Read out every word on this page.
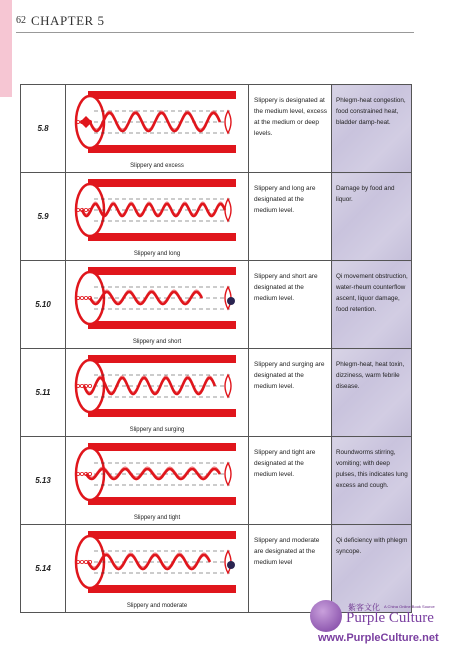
62 CHAPTER 5
5.8	Slippery and excess	Slippery is designated at the medium level, excess at the medium or deep levels.	Phlegm-heat congestion, food constrained heat, bladder damp-heat.
5.9	Slippery and long	Slippery and long are designated at the medium level.	Damage by food and liquor.
5.10	Slippery and short	Slippery and short are designated at the medium level.	Qi movement obstruction, water-rheum counterflow ascent, liquor damage, food retention.
5.11	Slippery and surging	Slippery and surging are designated at the medium level.	Phlegm-heat, heat toxin, dizziness, warm febrile disease.
5.13	Slippery and tight	Slippery and tight are designated at the medium level.	Roundworms stirring, vomiting; with deep pulses, this indicates lung excess and cough.
5.14	Slippery and moderate	Slippery and moderate are designated at the medium level	Qi deficiency with phlegm syncope.
紫客文化 A China Online Book Source
Purple Culture
www.PurpleCulture.net
